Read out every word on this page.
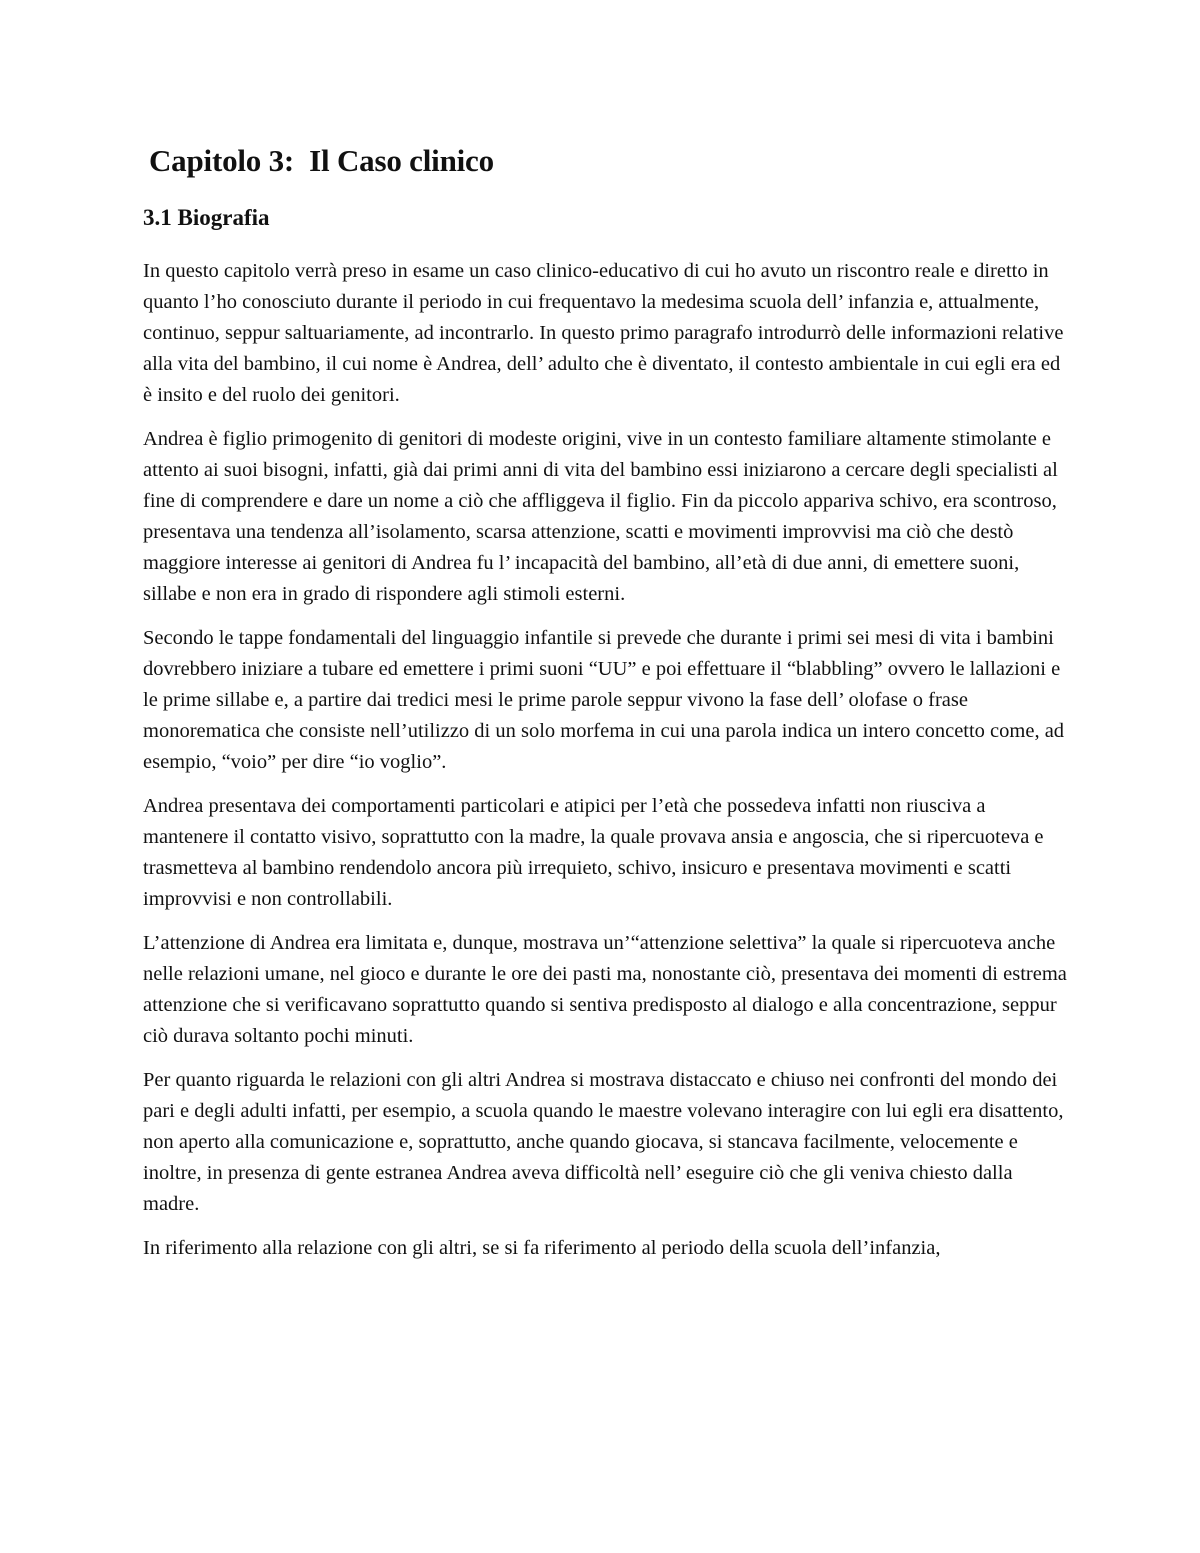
Capitolo 3:  Il Caso clinico
3.1 Biografia

In questo capitolo verrà preso in esame un caso clinico-educativo di cui ho avuto un riscontro reale e diretto in quanto l’ho conosciuto durante il periodo in cui frequentavo la medesima scuola dell’ infanzia e, attualmente, continuo, seppur saltuariamente, ad incontrarlo. In questo primo paragrafo introdurrò delle informazioni relative alla vita del bambino, il cui nome è Andrea, dell’ adulto che è diventato, il contesto ambientale in cui egli era ed è insito e del ruolo dei genitori.

Andrea è figlio primogenito di genitori di modeste origini, vive in un contesto familiare altamente stimolante e attento ai suoi bisogni, infatti, già dai primi anni di vita del bambino essi iniziarono a cercare degli specialisti al fine di comprendere e dare un nome a ciò che affliggeva il figlio. Fin da piccolo appariva schivo, era scontroso, presentava una tendenza all’isolamento, scarsa attenzione, scatti e movimenti improvvisi ma ciò che destò maggiore interesse ai genitori di Andrea fu l’ incapacità del bambino, all’età di due anni, di emettere suoni, sillabe e non era in grado di rispondere agli stimoli esterni.

Secondo le tappe fondamentali del linguaggio infantile si prevede che durante i primi sei mesi di vita i bambini dovrebbero iniziare a tubare ed emettere i primi suoni “UU” e poi effettuare il “blabbling” ovvero le lallazioni e le prime sillabe e, a partire dai tredici mesi le prime parole seppur vivono la fase dell’ olofase o frase monorematica che consiste nell’utilizzo di un solo morfema in cui una parola indica un intero concetto come, ad esempio, “voio” per dire “io voglio”.

Andrea presentava dei comportamenti particolari e atipici per l’età che possedeva infatti non riusciva a mantenere il contatto visivo, soprattutto con la madre, la quale provava ansia e angoscia, che si ripercuoteva e trasmetteva al bambino rendendolo ancora più irrequieto, schivo, insicuro e presentava movimenti e scatti improvvisi e non controllabili.

L’attenzione di Andrea era limitata e, dunque, mostrava un’“attenzione selettiva” la quale si ripercuoteva anche nelle relazioni umane, nel gioco e durante le ore dei pasti ma, nonostante ciò, presentava dei momenti di estrema attenzione che si verificavano soprattutto quando si sentiva predisposto al dialogo e alla concentrazione, seppur ciò durava soltanto pochi minuti.

Per quanto riguarda le relazioni con gli altri Andrea si mostrava distaccato e chiuso nei confronti del mondo dei pari e degli adulti infatti, per esempio, a scuola quando le maestre volevano interagire con lui egli era disattento, non aperto alla comunicazione e, soprattutto, anche quando giocava, si stancava facilmente, velocemente e inoltre, in presenza di gente estranea Andrea aveva difficoltà nell’ eseguire ciò che gli veniva chiesto dalla madre.

In riferimento alla relazione con gli altri, se si fa riferimento al periodo della scuola dell’infanzia,
